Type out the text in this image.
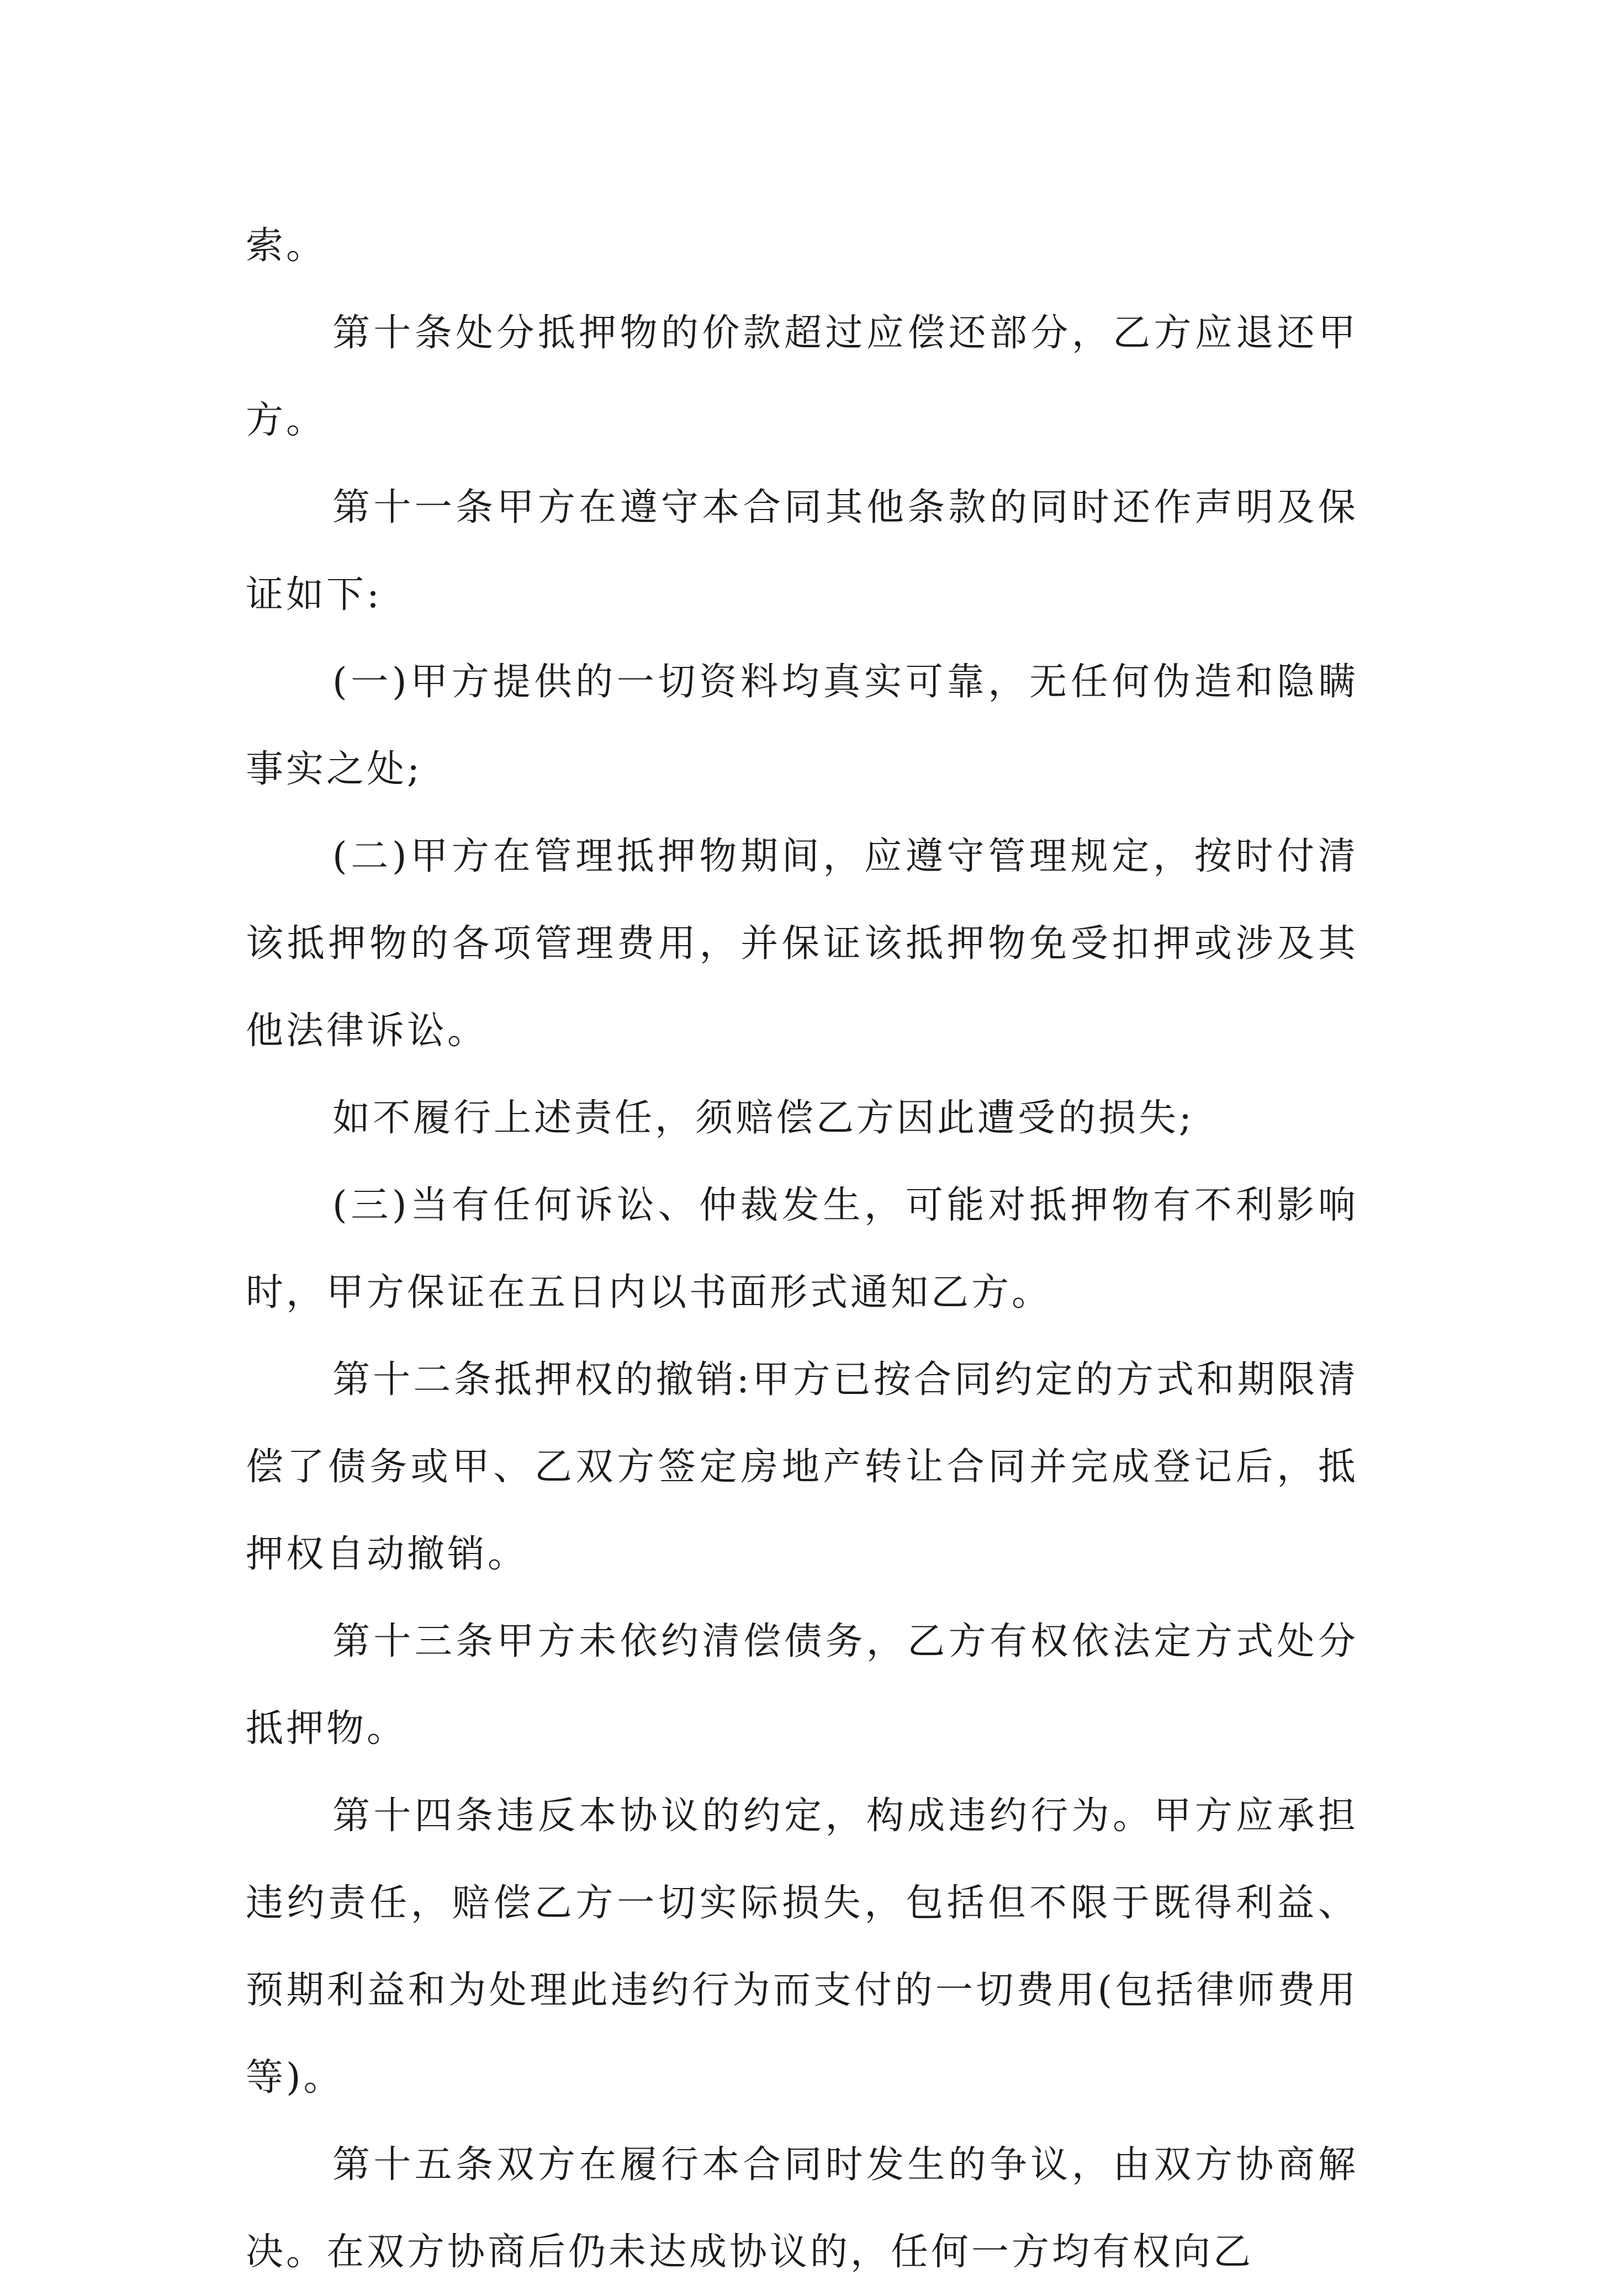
索。

第十条处分抵押物的价款超过应偿还部分，乙方应退还甲方。

第十一条甲方在遵守本合同其他条款的同时还作声明及保证如下:

(一)甲方提供的一切资料均真实可靠，无任何伪造和隐瞒事实之处;

(二)甲方在管理抵押物期间，应遵守管理规定，按时付清该抵押物的各项管理费用，并保证该抵押物免受扣押或涉及其他法律诉讼。

如不履行上述责任，须赔偿乙方因此遭受的损失;

(三)当有任何诉讼、仲裁发生，可能对抵押物有不利影响时，甲方保证在五日内以书面形式通知乙方。

第十二条抵押权的撤销:甲方已按合同约定的方式和期限清偿了债务或甲、乙双方签定房地产转让合同并完成登记后，抵押权自动撤销。

第十三条甲方未依约清偿债务，乙方有权依法定方式处分抵押物。

第十四条违反本协议的约定，构成违约行为。甲方应承担违约责任，赔偿乙方一切实际损失，包括但不限于既得利益、预期利益和为处理此违约行为而支付的一切费用(包括律师费用等)。

第十五条双方在履行本合同时发生的争议，由双方协商解决。在双方协商后仍未达成协议的，任何一方均有权向乙
